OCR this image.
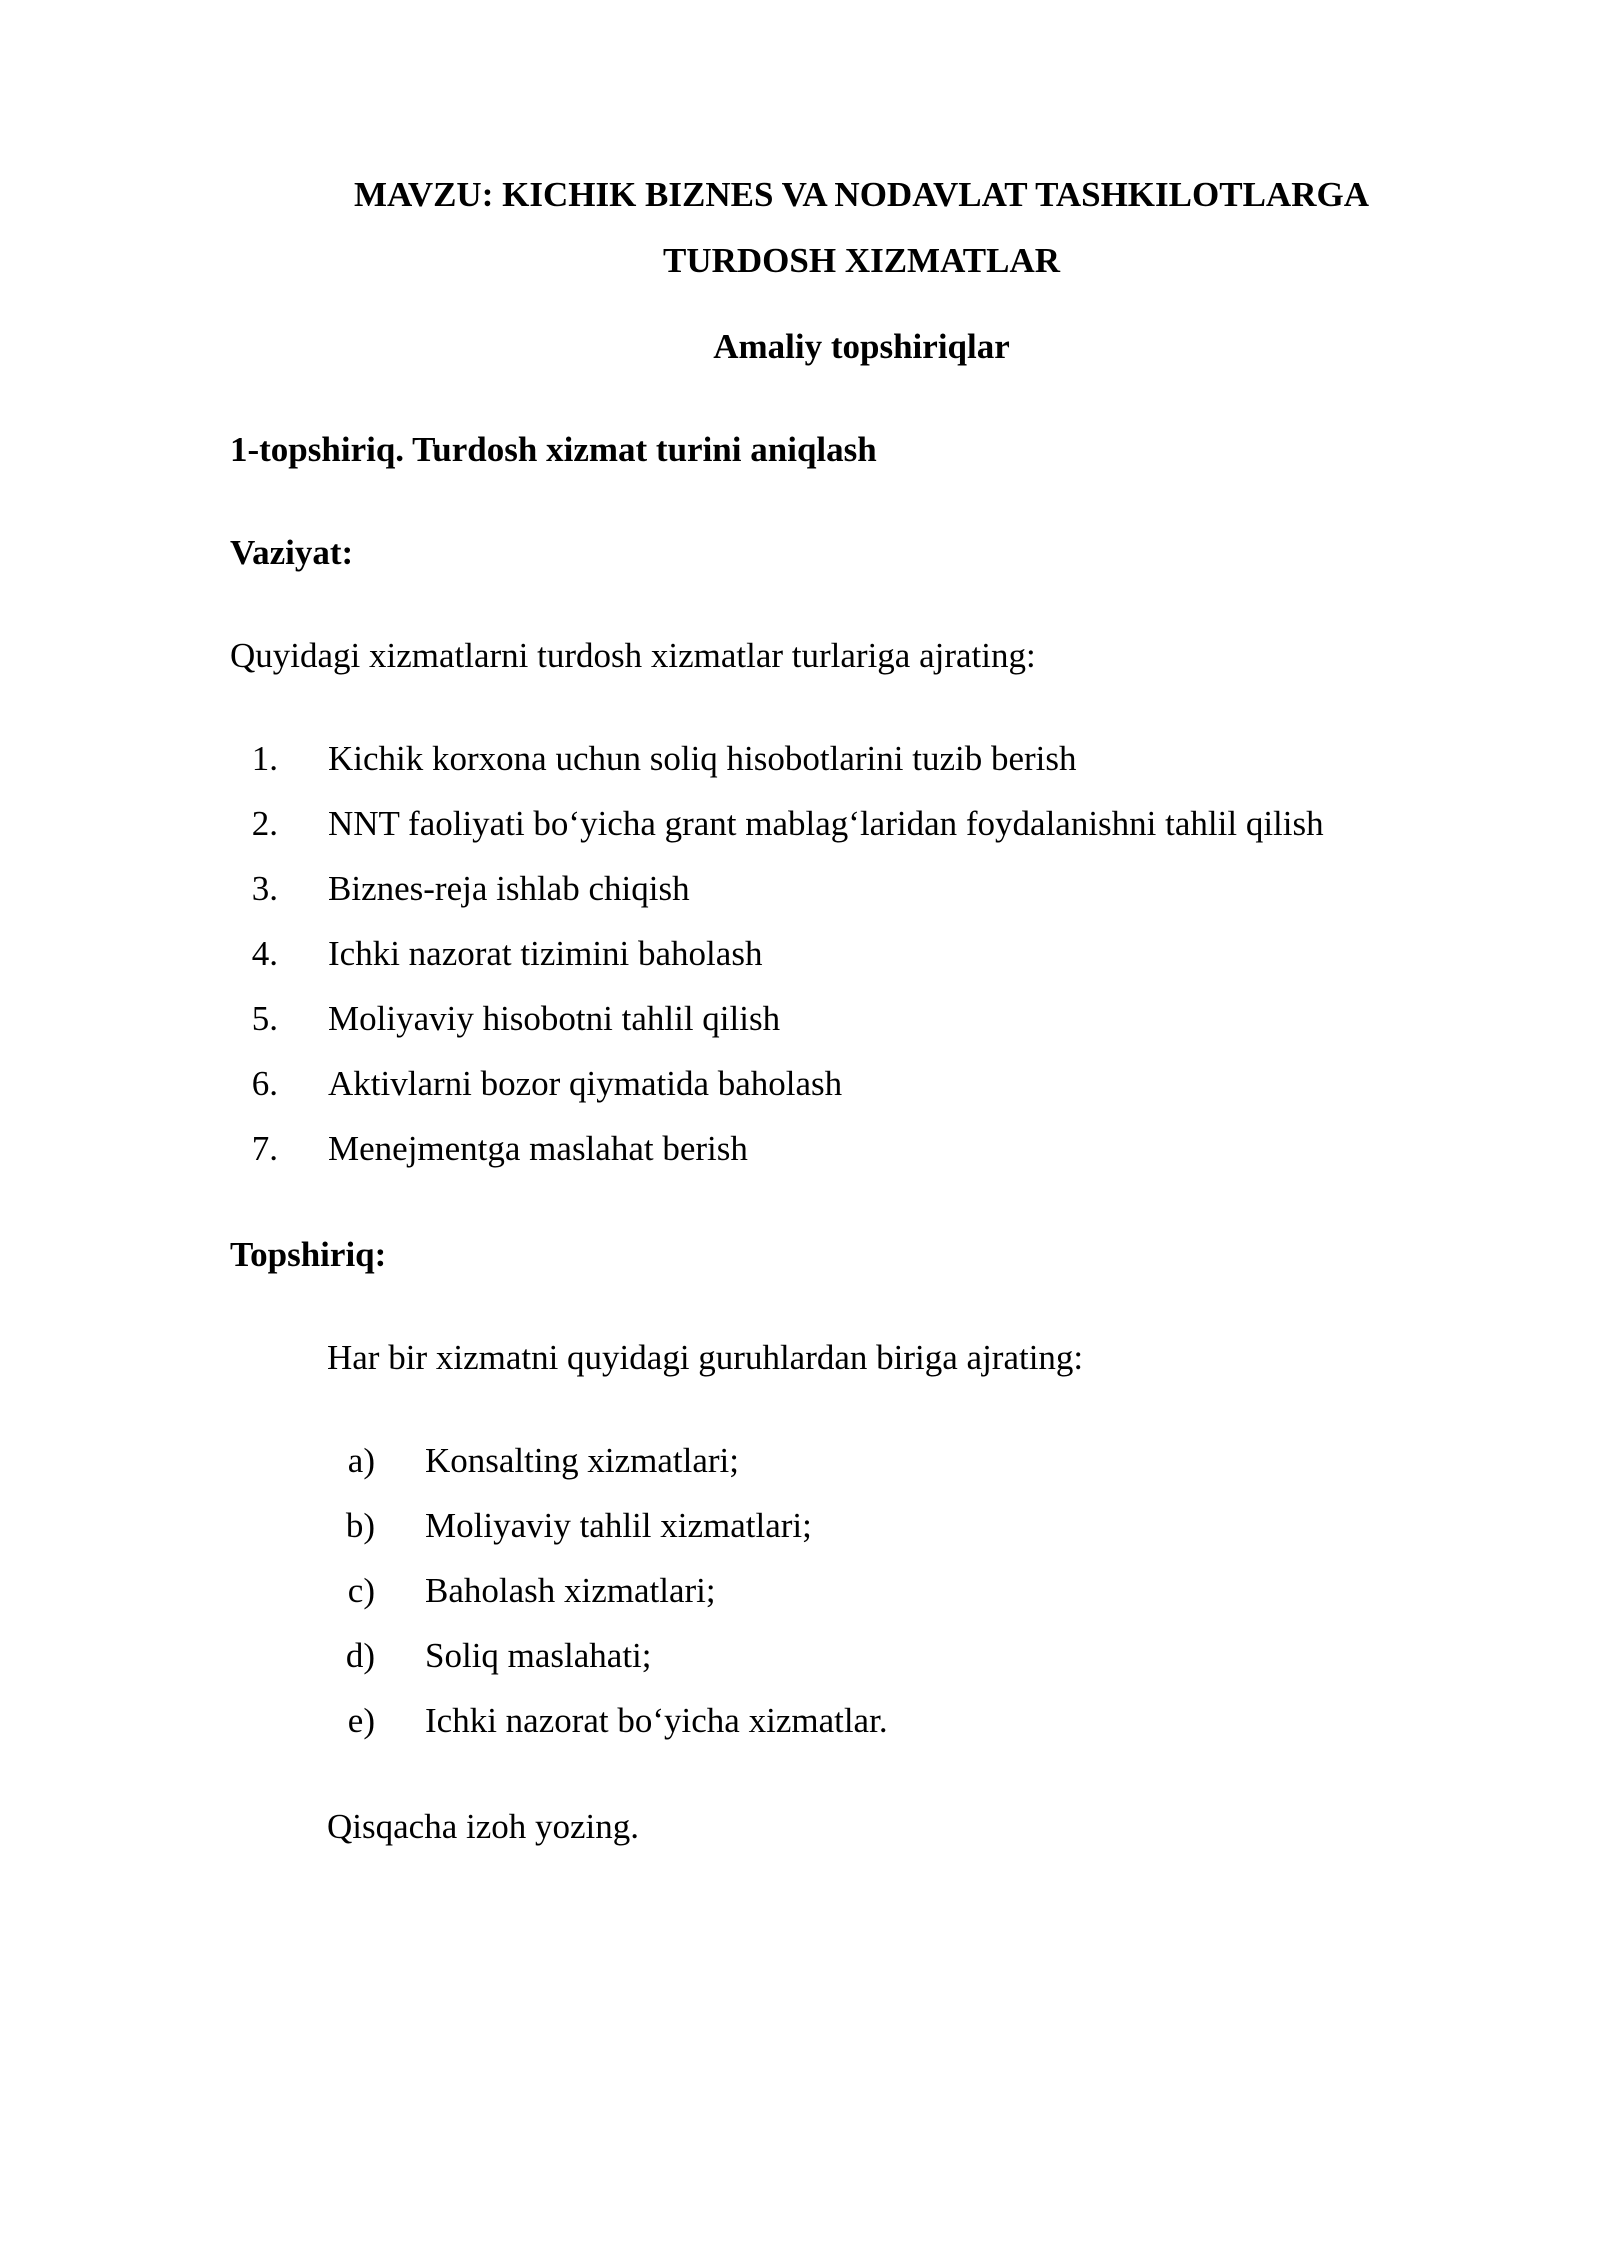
MAVZU: KICHIK BIZNES VA NODAVLAT TASHKILOTLARGA
TURDOSH XIZMATLAR
Amaliy topshiriqlar
1-topshiriq. Turdosh xizmat turini aniqlash
Vaziyat:
Quyidagi xizmatlarni turdosh xizmatlar turlariga ajrating:
1. Kichik korxona uchun soliq hisobotlarini tuzib berish
2. NNT faoliyati bo‘yicha grant mablag‘laridan foydalanishni tahlil qilish
3. Biznes-reja ishlab chiqish
4. Ichki nazorat tizimini baholash
5. Moliyaviy hisobotni tahlil qilish
6. Aktivlarni bozor qiymatida baholash
7. Menejmentga maslahat berish
Topshiriq:
Har bir xizmatni quyidagi guruhlardan biriga ajrating:
a) Konsalting xizmatlari;
b) Moliyaviy tahlil xizmatlari;
c) Baholash xizmatlari;
d) Soliq maslahati;
e) Ichki nazorat bo‘yicha xizmatlar.
Qisqacha izoh yozing.
